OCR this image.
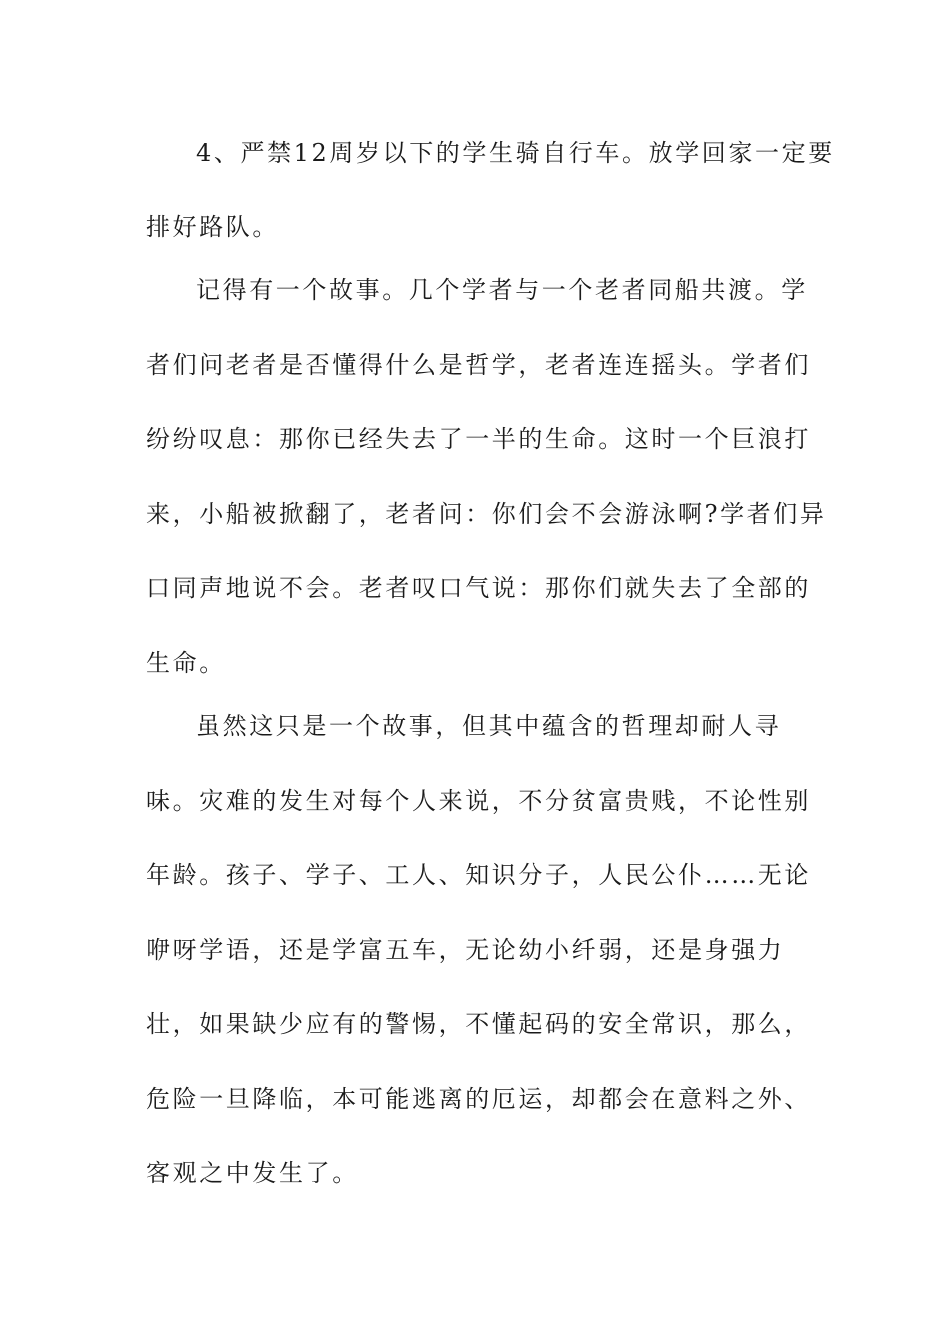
4、严禁12周岁以下的学生骑自行车。放学回家一定要
排好路队。
记得有一个故事。几个学者与一个老者同船共渡。学
者们问老者是否懂得什么是哲学，老者连连摇头。学者们
纷纷叹息：那你已经失去了一半的生命。这时一个巨浪打
来，小船被掀翻了，老者问：你们会不会游泳啊?学者们异
口同声地说不会。老者叹口气说：那你们就失去了全部的
生命。
虽然这只是一个故事，但其中蕴含的哲理却耐人寻
味。灾难的发生对每个人来说，不分贫富贵贱，不论性别
年龄。孩子、学子、工人、知识分子，人民公仆……无论
咿呀学语，还是学富五车，无论幼小纤弱，还是身强力
壮，如果缺少应有的警惕，不懂起码的安全常识，那么，
危险一旦降临，本可能逃离的厄运，却都会在意料之外、
客观之中发生了。
